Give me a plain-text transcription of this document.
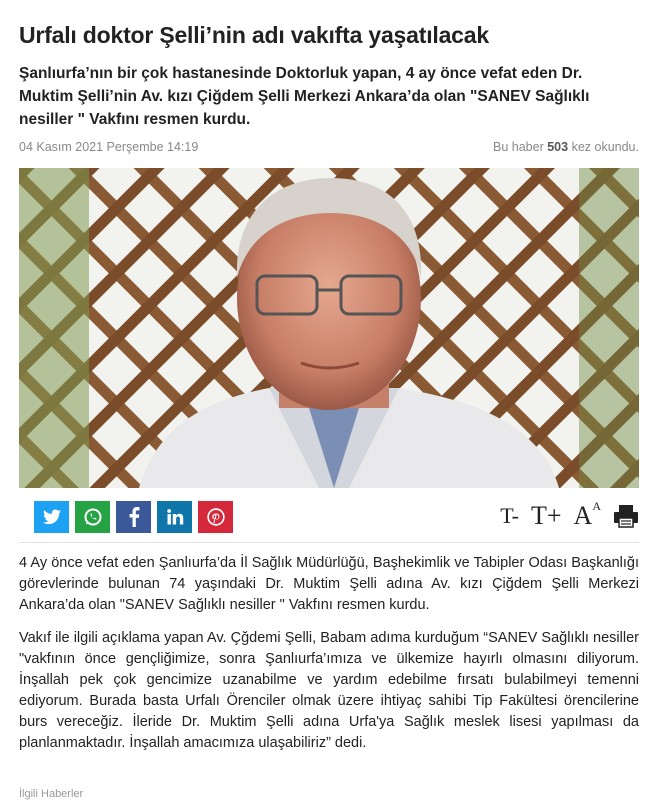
Urfalı doktor Şelli’nin adı vakıfta yaşatılacak
Şanlıurfa’nın bir çok hastanesinde Doktorluk yapan, 4 ay önce vefat eden Dr. Muktim Şelli’nin Av. kızı Çiğdem Şelli Merkezi Ankara’da olan "SANEV Sağlıklı nesiller " Vakfını resmen kurdu.
04 Kasım 2021 Perşembe 14:19	Bu haber 503 kez okundu.
T- $T+ A^A$

4 Ay önce vefat eden Şanlıurfa’da İl Sağlık Müdürlüğü, Başhekimlik ve Tabipler Odası Başkanlığı görevlerinde bulunan 74 yaşındaki Dr. Muktim Şelli adına Av. kızı Çiğdem Şelli Merkezi Ankara’da olan "SANEV Sağlıklı nesiller " Vakfını resmen kurdu.

Vakıf ile ilgili açıklama yapan Av. Çğdemi Şelli, Babam adıma kurduğum “SANEV Sağlıklı nesiller "vakfının önce gençliğimize, sonra Şanlıurfa’ımıza ve ülkemize hayırlı olmasını diliyorum. İnşallah pek çok gencimize uzanabilme ve yardım edebilme fırsatı bulabilmeyi temenni ediyorum. Burada basta Urfalı Örenciler olmak üzere ihtiyaç sahibi Tip Fakültesi örencilerine burs vereceğiz. İleride Dr. Muktim Şelli adına Urfa'ya Sağlık meslek lisesi yapılması da planlanmaktadır. İnşallah amacımıza ulaşabiliriz” dedi.

İlgili Haberler
